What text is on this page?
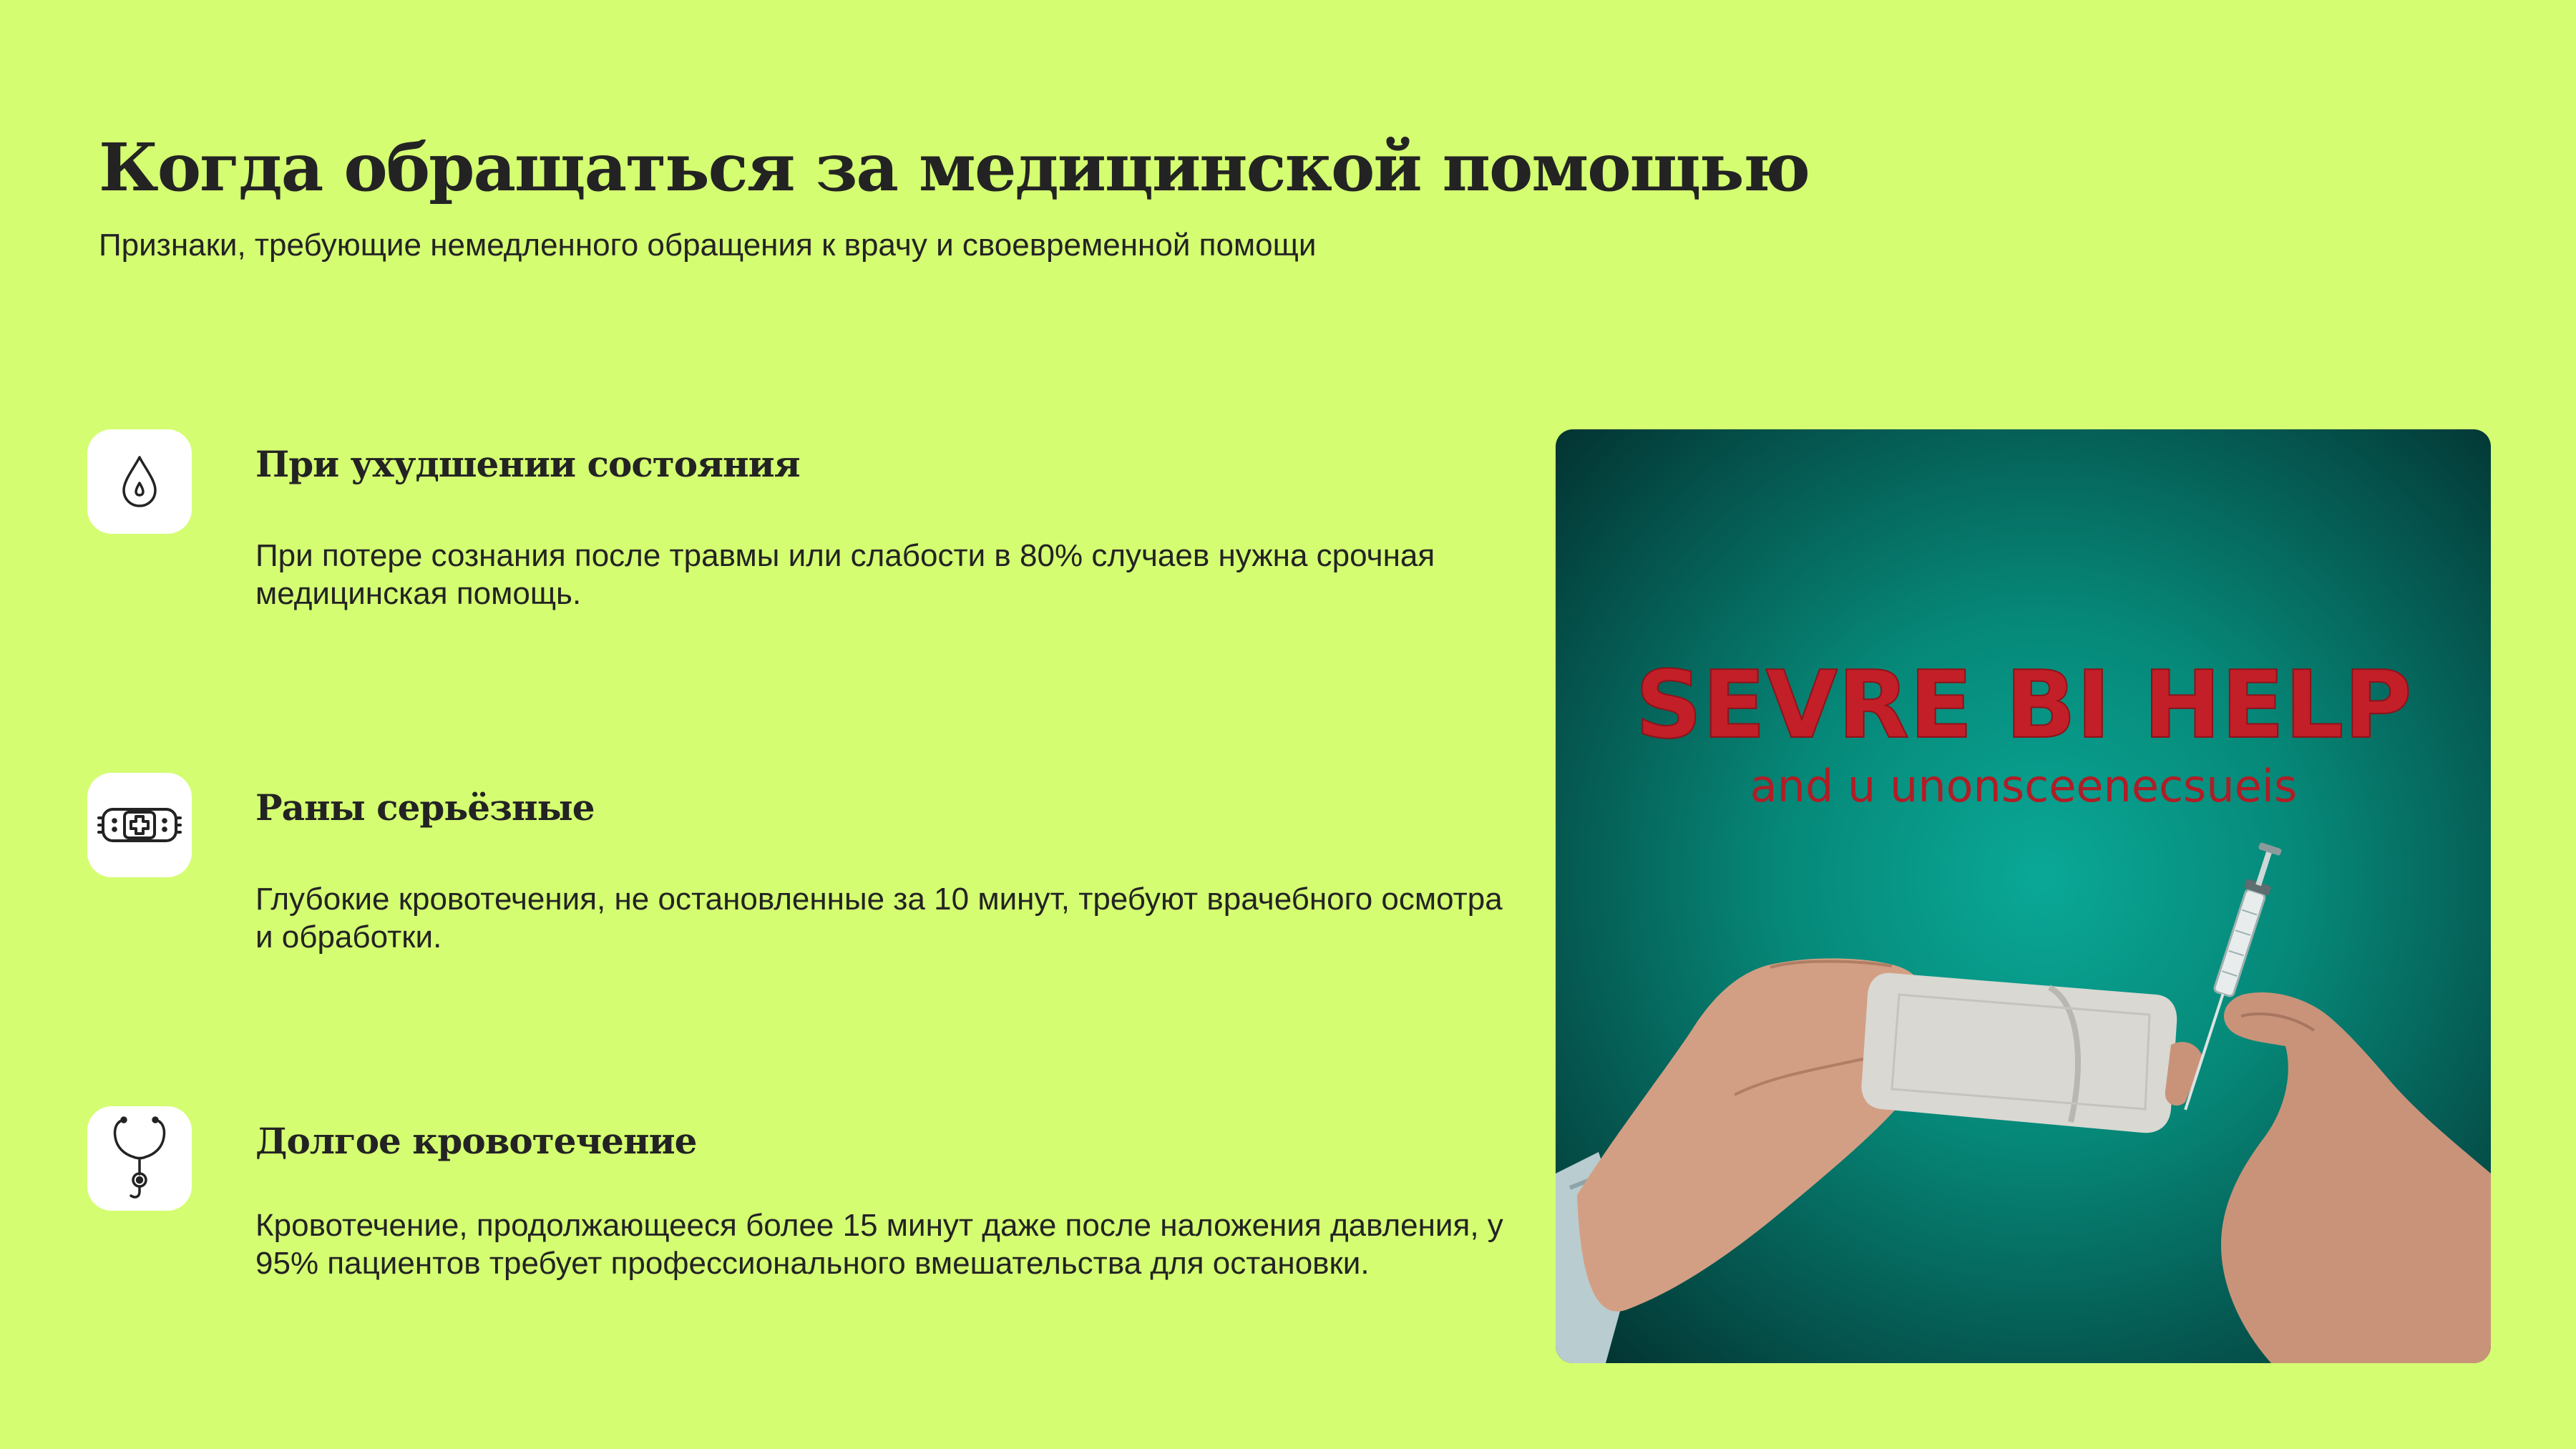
Когда обращаться за медицинской помощью

Признаки, требующие немедленного обращения к врачу и своевременной помощи

При ухудшении состояния

При потере сознания после травмы или слабости в 80% случаев нужна срочная медицинская помощь.

Раны серьёзные

Глубокие кровотечения, не остановленные за 10 минут, требуют врачебного осмотра и обработки.

Долгое кровотечение

Кровотечение, продолжающееся более 15 минут даже после наложения давления, у 95% пациентов требует профессионального вмешательства для остановки.

SEVRE BI HELP
and u unonsceenecsueis
